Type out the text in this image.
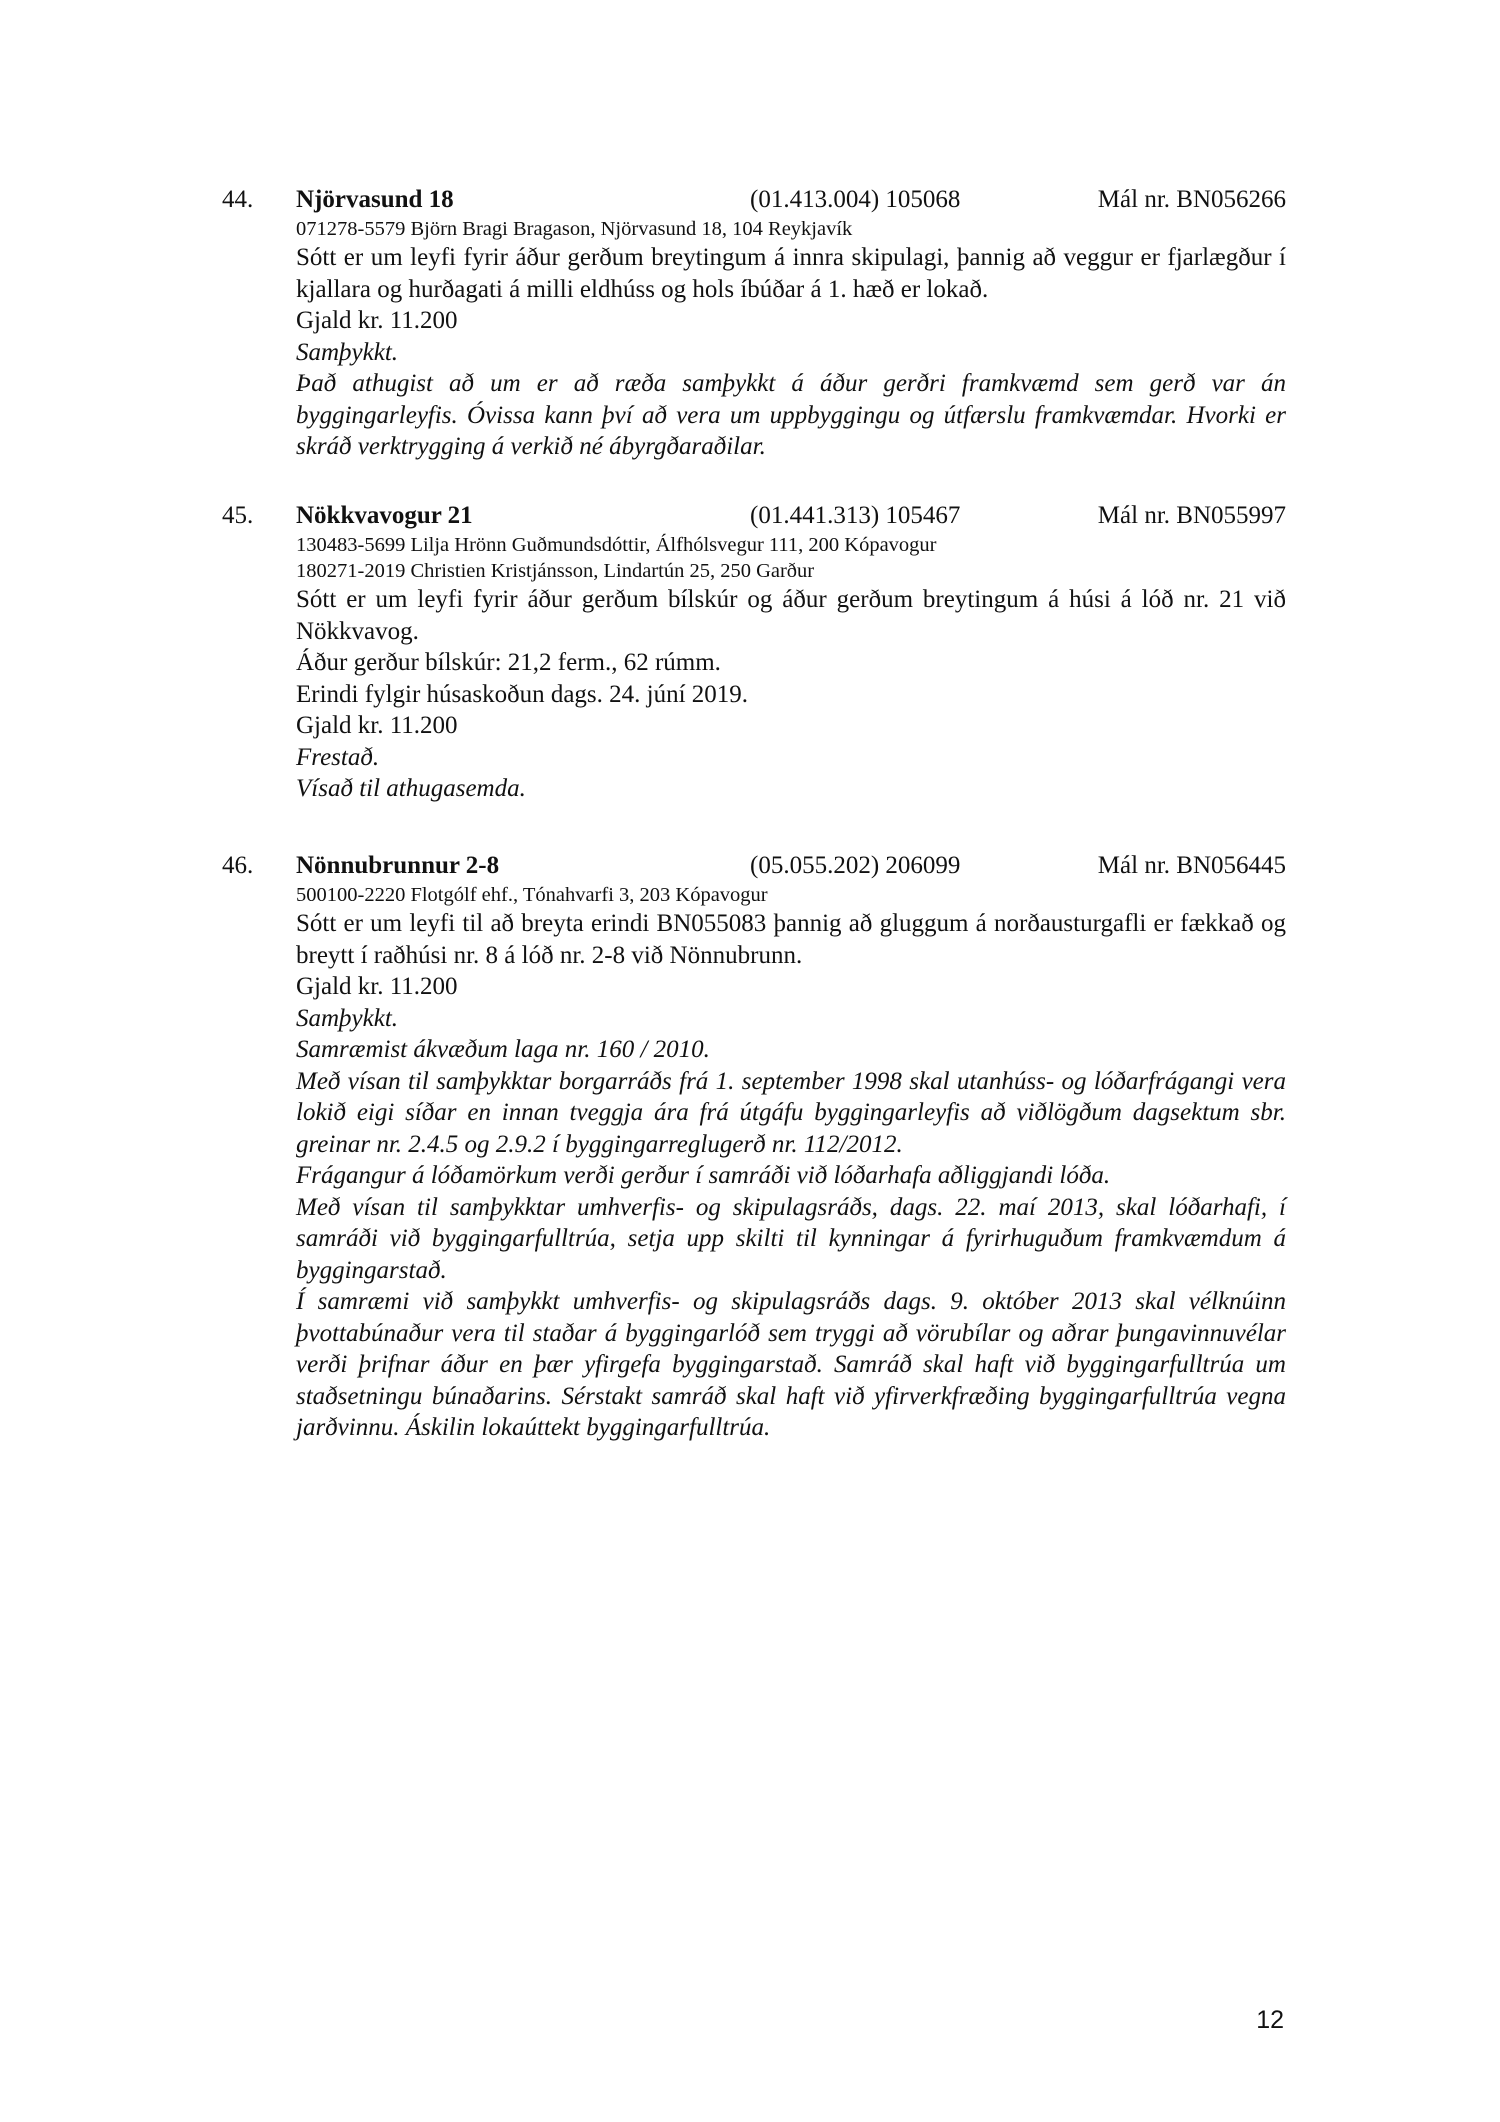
44. Njörvasund 18	(01.413.004) 105068	Mál nr. BN056266
071278-5579 Björn Bragi Bragason, Njörvasund 18, 104 Reykjavík
Sótt er um leyfi fyrir áður gerðum breytingum á innra skipulagi, þannig að veggur er fjarlægður í kjallara og hurðagati á milli eldhúss og hols íbúðar á 1. hæð er lokað.
Gjald kr. 11.200
Samþykkt.
Það athugist að um er að ræða samþykkt á áður gerðri framkvæmd sem gerð var án byggingarleyfis. Óvissa kann því að vera um uppbyggingu og útfærslu framkvæmdar. Hvorki er skráð verktrygging á verkið né ábyrgðaraðilar.
45. Nökkvavogur 21	(01.441.313) 105467	Mál nr. BN055997
130483-5699 Lilja Hrönn Guðmundsdóttir, Álfhólsvegur 111, 200 Kópavogur
180271-2019 Christien Kristjánsson, Lindartún 25, 250 Garður
Sótt er um leyfi fyrir áður gerðum bílskúr og áður gerðum breytingum á húsi á lóð nr. 21 við Nökkvavog.
Áður gerður bílskúr: 21,2 ferm., 62 rúmm.
Erindi fylgir húsaskoðun dags. 24. júní 2019.
Gjald kr. 11.200
Frestað.
Vísað til athugasemda.
46. Nönnubrunnur 2-8	(05.055.202) 206099	Mál nr. BN056445
500100-2220 Flotgólf ehf., Tónahvarfi 3, 203 Kópavogur
Sótt er um leyfi til að breyta erindi BN055083 þannig að gluggum á norðausturgafli er fækkað og breytt í raðhúsi nr. 8 á lóð nr. 2-8 við Nönnubrunn.
Gjald kr. 11.200
Samþykkt.
Samræmist ákvæðum laga nr. 160 / 2010.
Með vísan til samþykktar borgarráðs frá 1. september 1998 skal utanhúss- og lóðarfrágangi vera lokið eigi síðar en innan tveggja ára frá útgáfu byggingarleyfis að viðlögðum dagsektum sbr. greinar nr. 2.4.5 og 2.9.2 í byggingarreglugerð nr. 112/2012.
Frágangur á lóðamörkum verði gerður í samráði við lóðarhafa aðliggjandi lóða.
Með vísan til samþykktar umhverfis- og skipulagsráðs, dags. 22. maí 2013, skal lóðarhafi, í samráði við byggingarfulltrúa, setja upp skilti til kynningar á fyrirhuguðum framkvæmdum á byggingarstað.
Í samræmi við samþykkt umhverfis- og skipulagsráðs dags. 9. október 2013 skal vélknúinn þvottabúnaður vera til staðar á byggingarlóð sem tryggi að vörubílar og aðrar þungavinnuvélar verði þrifnar áður en þær yfirgefa byggingarstað. Samráð skal haft við byggingarfulltrúa um staðsetningu búnaðarins. Sérstakt samráð skal haft við yfirverkfræðing byggingarfulltrúa vegna jarðvinnu. Áskilin lokaúttekt byggingarfulltrúa.
12
